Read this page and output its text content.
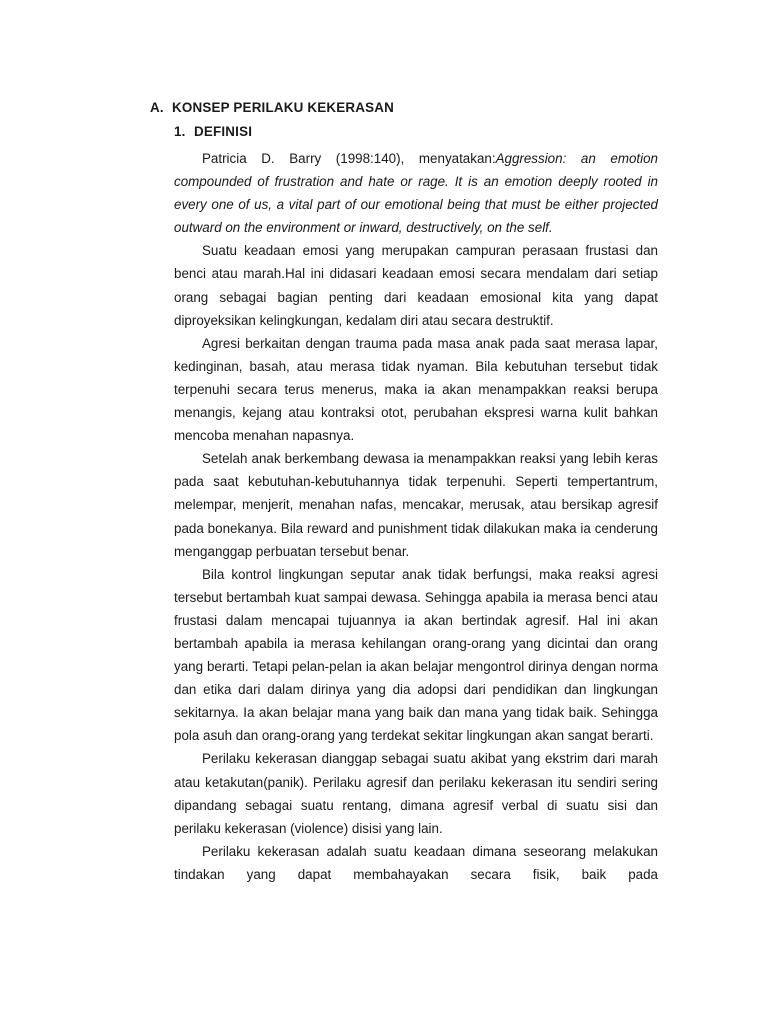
A. KONSEP PERILAKU KEKERASAN
1. DEFINISI

Patricia D. Barry (1998:140), menyatakan:Aggression: an emotion compounded of frustration and hate or rage. It is an emotion deeply rooted in every one of us, a vital part of our emotional being that must be either projected outward on the environment or inward, destructively, on the self.

Suatu keadaan emosi yang merupakan campuran perasaan frustasi dan benci atau marah.Hal ini didasari keadaan emosi secara mendalam dari setiap orang sebagai bagian penting dari keadaan emosional kita yang dapat diproyeksikan kelingkungan, kedalam diri atau secara destruktif.

Agresi berkaitan dengan trauma pada masa anak pada saat merasa lapar, kedinginan, basah, atau merasa tidak nyaman. Bila kebutuhan tersebut tidak terpenuhi secara terus menerus, maka ia akan menampakkan reaksi berupa menangis, kejang atau kontraksi otot, perubahan ekspresi warna kulit bahkan mencoba menahan napasnya.

Setelah anak berkembang dewasa ia menampakkan reaksi yang lebih keras pada saat kebutuhan-kebutuhannya tidak terpenuhi. Seperti tempertantrum, melempar, menjerit, menahan nafas, mencakar, merusak, atau bersikap agresif pada bonekanya. Bila reward and punishment tidak dilakukan maka ia cenderung menganggap perbuatan tersebut benar.

Bila kontrol lingkungan seputar anak tidak berfungsi, maka reaksi agresi tersebut bertambah kuat sampai dewasa. Sehingga apabila ia merasa benci atau frustasi dalam mencapai tujuannya ia akan bertindak agresif. Hal ini akan bertambah apabila ia merasa kehilangan orang-orang yang dicintai dan orang yang berarti. Tetapi pelan-pelan ia akan belajar mengontrol dirinya dengan norma dan etika dari dalam dirinya yang dia adopsi dari pendidikan dan lingkungan sekitarnya. Ia akan belajar mana yang baik dan mana yang tidak baik. Sehingga pola asuh dan orang-orang yang terdekat sekitar lingkungan akan sangat berarti.

Perilaku kekerasan dianggap sebagai suatu akibat yang ekstrim dari marah atau ketakutan(panik). Perilaku agresif dan perilaku kekerasan itu sendiri sering dipandang sebagai suatu rentang, dimana agresif verbal di suatu sisi dan perilaku kekerasan (violence) disisi yang lain.

Perilaku kekerasan adalah suatu keadaan dimana seseorang melakukan tindakan yang dapat membahayakan secara fisik, baik pada
